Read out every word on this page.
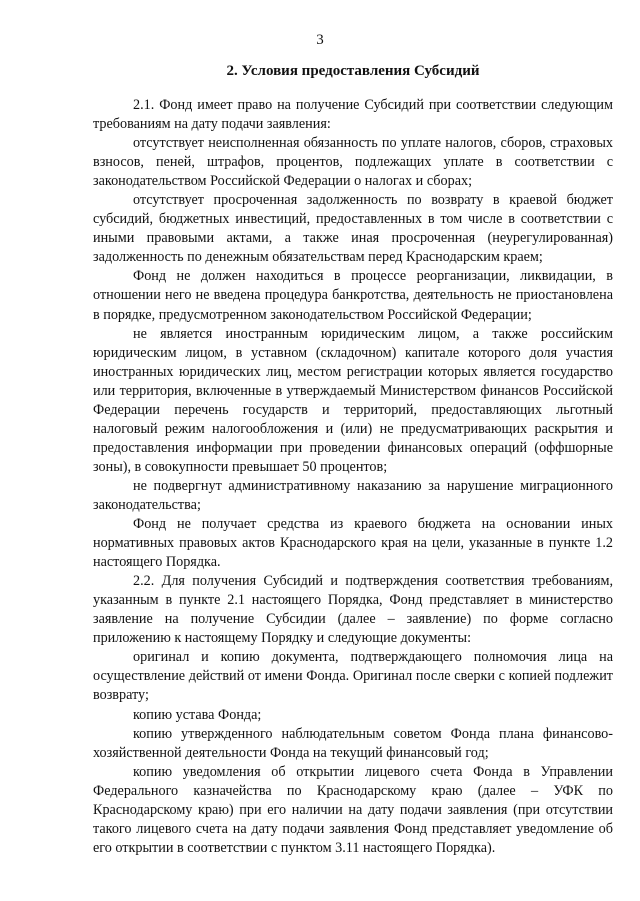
3
2. Условия предоставления Субсидий

2.1. Фонд имеет право на получение Субсидий при соответствии следующим требованиям на дату подачи заявления:

отсутствует неисполненная обязанность по уплате налогов, сборов, страховых взносов, пеней, штрафов, процентов, подлежащих уплате в соответствии с законодательством Российской Федерации о налогах и сборах;

отсутствует просроченная задолженность по возврату в краевой бюджет субсидий, бюджетных инвестиций, предоставленных в том числе в соответствии с иными правовыми актами, а также иная просроченная (неурегулированная) задолженность по денежным обязательствам перед Краснодарским краем;

Фонд не должен находиться в процессе реорганизации, ликвидации, в отношении него не введена процедура банкротства, деятельность не приостановлена в порядке, предусмотренном законодательством Российской Федерации;

не является иностранным юридическим лицом, а также российским юридическим лицом, в уставном (складочном) капитале которого доля участия иностранных юридических лиц, местом регистрации которых является государство или территория, включенные в утверждаемый Министерством финансов Российской Федерации перечень государств и территорий, предоставляющих льготный налоговый режим налогообложения и (или) не предусматривающих раскрытия и предоставления информации при проведении финансовых операций (оффшорные зоны), в совокупности превышает 50 процентов;

не подвергнут административному наказанию за нарушение миграционного законодательства;

Фонд не получает средства из краевого бюджета на основании иных нормативных правовых актов Краснодарского края на цели, указанные в пункте 1.2 настоящего Порядка.

2.2. Для получения Субсидий и подтверждения соответствия требованиям, указанным в пункте 2.1 настоящего Порядка, Фонд представляет в министерство заявление на получение Субсидии (далее – заявление) по форме согласно приложению к настоящему Порядку и следующие документы:

оригинал и копию документа, подтверждающего полномочия лица на осуществление действий от имени Фонда. Оригинал после сверки с копией подлежит возврату;

копию устава Фонда;

копию утвержденного наблюдательным советом Фонда плана финансово-хозяйственной деятельности Фонда на текущий финансовый год;

копию уведомления об открытии лицевого счета Фонда в Управлении Федерального казначейства по Краснодарскому краю (далее – УФК по Краснодарскому краю) при его наличии на дату подачи заявления (при отсутствии такого лицевого счета на дату подачи заявления Фонд представляет уведомление об его открытии в соответствии с пунктом 3.11 настоящего Порядка).
